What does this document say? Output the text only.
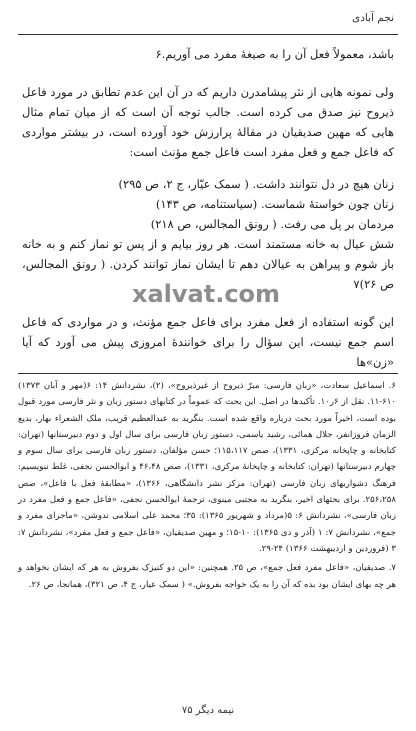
نجم آبادی

باشد، معمولاً فعل آن را به صیغهٔ مفرد می آوریم.۶

ولی نمونه هایی از نثر پیشامدرن داریم که در آن این عدم تطابق در مورد فاعل ذیروح نیز صدق می کرده است. جالب توجه آن است که از میان تمام مثال هایی که مهین صدیقیان در مقالهٔ پرارزش خود آورده است، در بیشتر مواردی که فاعل جمع و فعل مفرد است فاعل جمع مؤنث است:

زنان هیچ در دل نتوانند داشت. ( سمک عیّار، ج ۲، ص ۲۹۵)
زنان چون خواستهٔ شماست. (سیاستنامه، ص ۱۴۳)
مردمان بر پل می رفت. ( رونق المجالس، ص ۲۱۸)
شش عیال به خانه مستمند است. هر روز بیایم و از پس تو نماز کنم و به خانه باز شوم و پیراهن به عیالان دهم تا ایشان نماز توانند کردن. ( رونق المجالس، ص ۲۶)۷

این گونه استفاده از فعل مفرد برای فاعل جمع مؤنث، و در مواردی که فاعل اسم جمع نیست، این سؤال را برای خوانندهٔ امروزی پیش می آورد که آیا «زن»ها

xalvat.com

۶. اسماعیل سعادت، «زبان فارسی: مبرّ ذیروح از غیرذیروح»، (۲)، نشردانش ۱۴: ۶(مهر و آبان ۱۳۷۳) ۶۱۰-۱۱. نقل از ۶ر۱۰. تأکیدها در اصل. این بحث که عموماً در کتابهای دستور زبان و نثر فارسی مورد قبول بوده است، اخیراً مورد بحث درباره واقع شده است. بنگرید به عبدالعظیم قریب، ملک الشعراء بهار، بدیع الزمان فروزانفر، جلال همائی، رشید یاسمی، دستور زبان فارسی برای سال اول و دوم دبیرستانها (تهران: کتابخانه و چاپخانه مرکزی، ۱۳۳۱)، صص ۱۱۵،۱۱۷؛ حسن مؤلفان، دستور زبان فارسی برای سال سوم و چهارم دبیرستانها (تهران: کتابخانه و چاپخانهٔ مرکزی، ۱۳۳۱)، صص ۴۶،۴۸ و ابوالحسن نجفی، غلط ننویسیم: فرهنگ دشواریهای زبان فارسی (تهران: مرکز نشر دانشگاهی، ۱۳۶۶)، «مطابقهٔ فعل با فاعل»، صص ۲۵۶،۲۵۸. برای بحثهای اخیر، بنگرید به مجتبی مینوی، ترجمهٔ ابوالحسن نجفی، «فاعل جمع و فعل مفرد در زبان فارسی»، نشردانش ۶: ۵(مرداد و شهریور ۱۳۶۵): ۳۵؛ محمد علی اسلامی ندوشن، «ماجرای مفرد و جمع»، نشردانش ۷: ۱ (آذر و دی ۱۳۶۵): ۱۰-۱۵؛ و مهین صدیقیان، «فاعل جمع و فعل مفرد»، نشردانش ۷: ۳ (فروردین و اردیبهشت ۱۳۶۶) ۲۴-۲۹.

۷. صدیقیان، «فاعل مفرد فعل جمع»، ص ۲۵. همچنین: «این دو کنیزک بفروش به هر که ایشان بخواهد و هر چه بهای ایشان بود بده که آن را به یک خواجه بفروش.» ( سمک عیار، ج ۴، ص ۳۲۱)، همانجا، ص ۲۶.

نیمه دیگر ۷۵
